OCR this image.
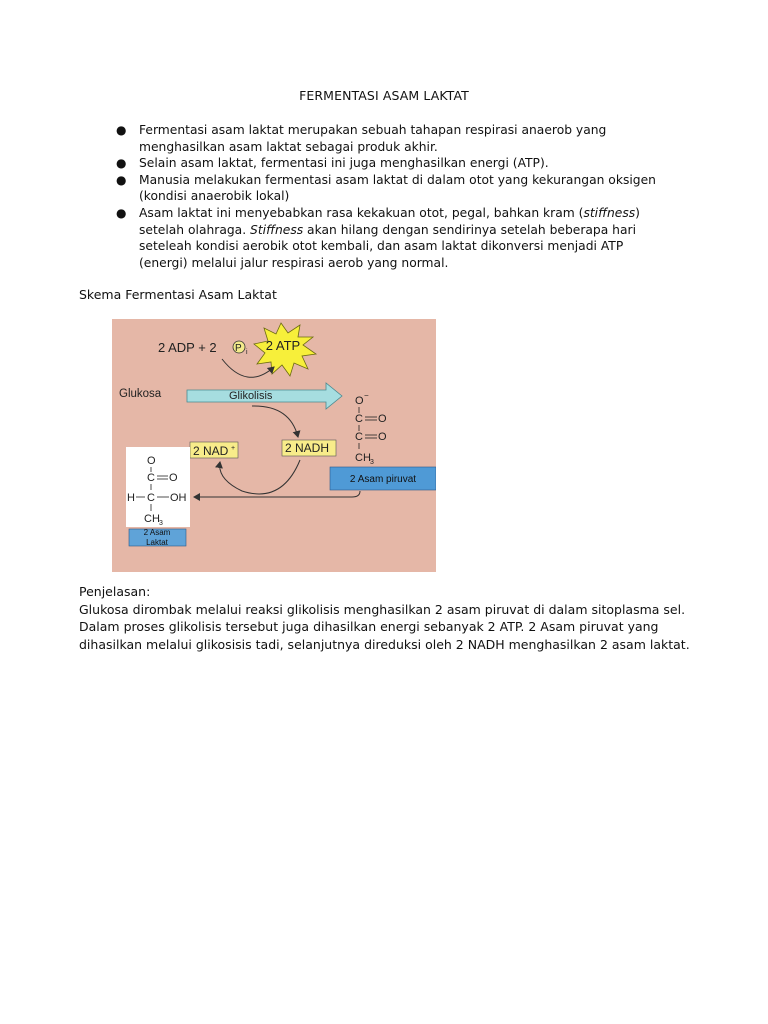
FERMENTASI ASAM LAKTAT
● Fermentasi asam laktat merupakan sebuah tahapan respirasi anaerob yang menghasilkan asam laktat sebagai produk akhir.
● Selain asam laktat, fermentasi ini juga menghasilkan energi (ATP).
● Manusia melakukan fermentasi asam laktat di dalam otot yang kekurangan oksigen (kondisi anaerobik lokal)
● Asam laktat ini menyebabkan rasa kekakuan otot, pegal, bahkan kram (stiffness) setelah olahraga. Stiffness akan hilang dengan sendirinya setelah beberapa hari seteleah kondisi aerobik otot kembali, dan asam laktat dikonversi menjadi ATP (energi) melalui jalur respirasi aerob yang normal.
Skema Fermentasi Asam Laktat
2 ADP + 2 P i 2 ATP
Glukosa	Glikolisis	O −
C O
C O
CH 3
2 NAD +	2 NADH
2 Asam piruvat
O
C O
H C OH
CH 3
2 Asam
Laktat

Penjelasan:

Glukosa dirombak melalui reaksi glikolisis menghasilkan 2 asam piruvat di dalam sitoplasma sel.

Dalam proses glikolisis tersebut juga dihasilkan energi sebanyak 2 ATP. 2 Asam piruvat yang

dihasilkan melalui glikosisis tadi, selanjutnya direduksi oleh 2 NADH menghasilkan 2 asam laktat.
